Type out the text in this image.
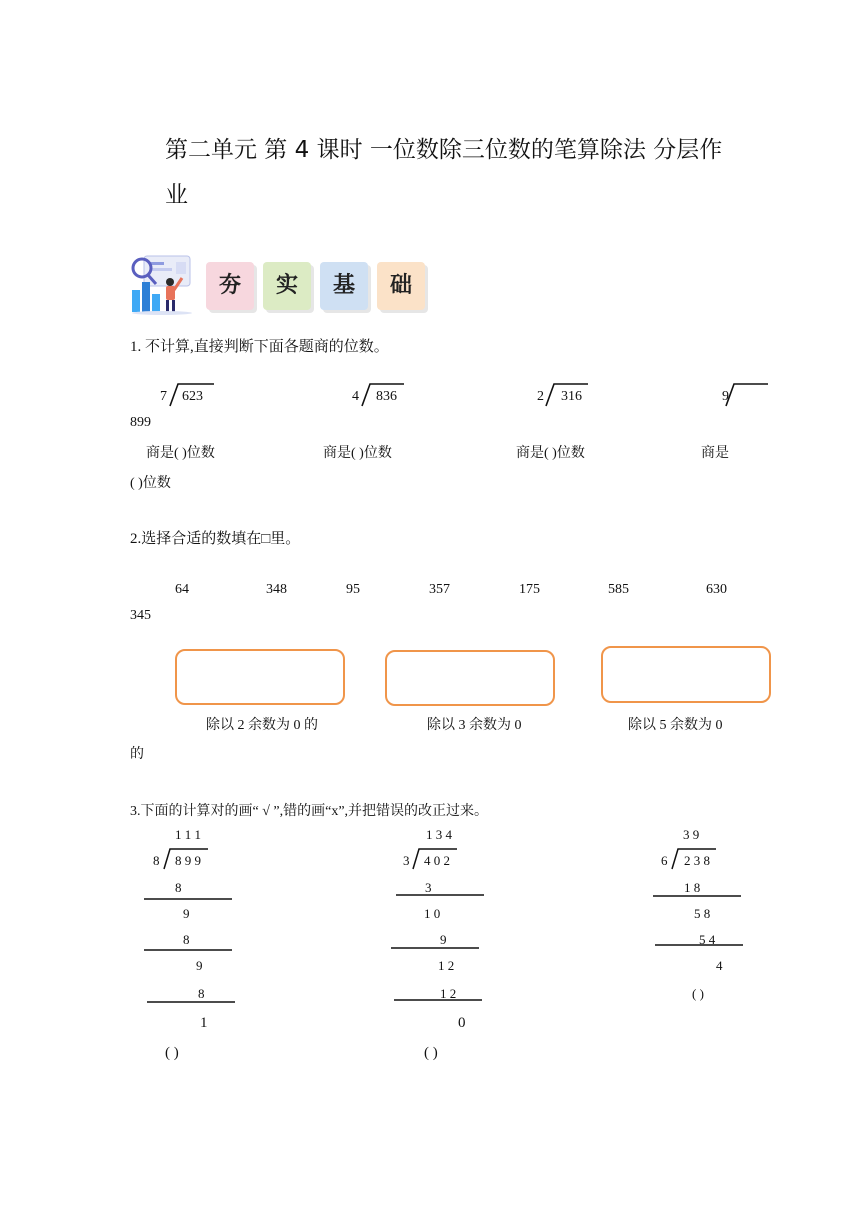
第二单元 第 4 课时 一位数除三位数的笔算除法 分层作
业
夯	实	基	础
1. 不计算,直接判断下面各题商的位数。
7 623
商是( )位数
4 836
商是( )位数
2 316
商是( )位数
9
899
商是
( )位数
2.选择合适的数填在□里。
64	348	95	357	175	585	630
345
除以 2 余数为 0 的	除以 3 余数为 0	除以 5 余数为 0
的
3.下面的计算对的画“ √ ”,错的画“x”,并把错误的改正过来。
1 1 1
8 8 9 9
8
9
8
9
8
1
( )
1 3 4
3 4 0 2
3
1 0
9
1 2
1 2
0
( )
3 9
6 2 3 8
1 8
5 8
5 4
4
( )
